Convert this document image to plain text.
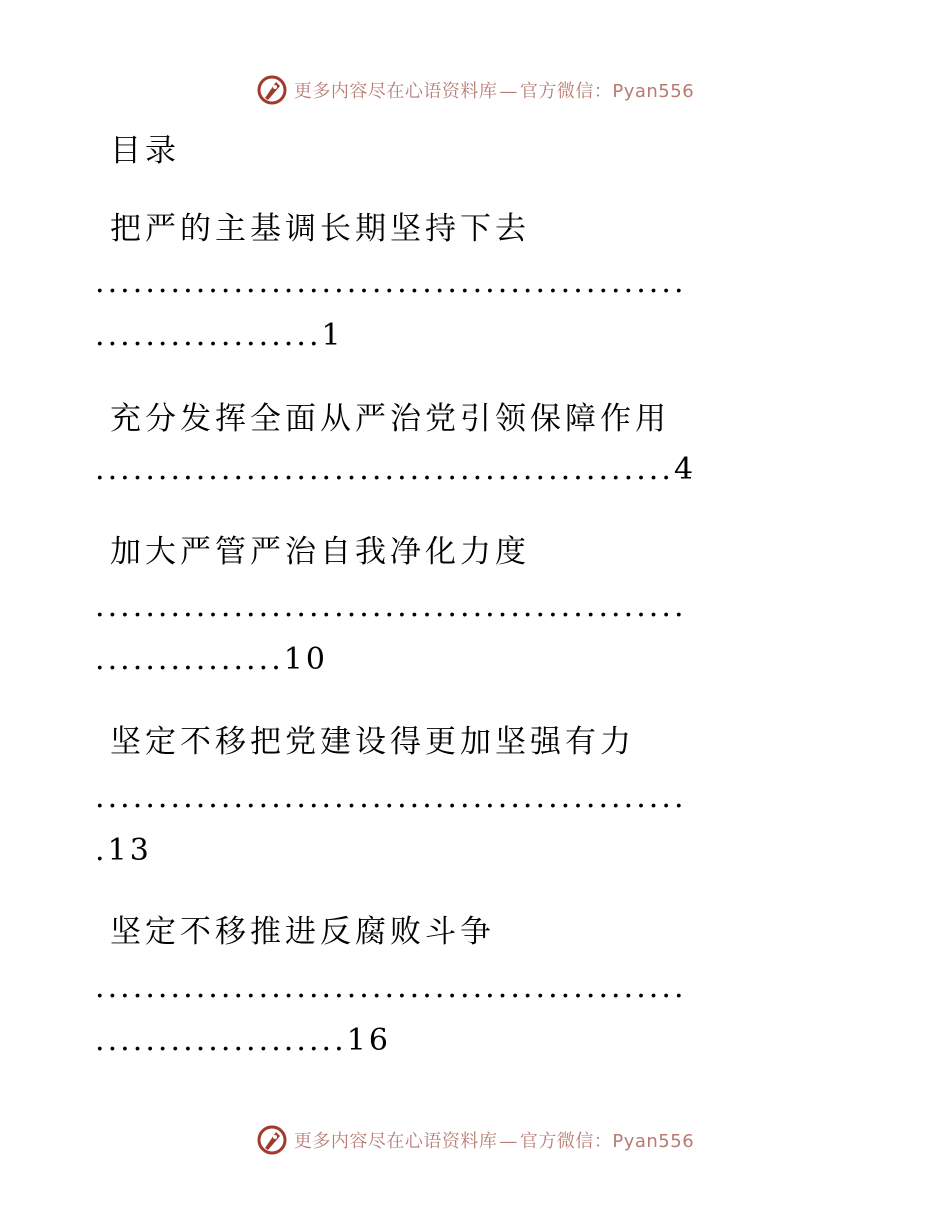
更多内容尽在心语资料库 — 官方微信：Pyan556
目录
把严的主基调长期坚持下去
...............................................
..................1
充分发挥全面从严治党引领保障作用
..............................................4
加大严管严治自我净化力度
...............................................
...............10
坚定不移把党建设得更加坚强有力
...............................................
.13
坚定不移推进反腐败斗争
...............................................
....................16
更多内容尽在心语资料库 — 官方微信：Pyan556
